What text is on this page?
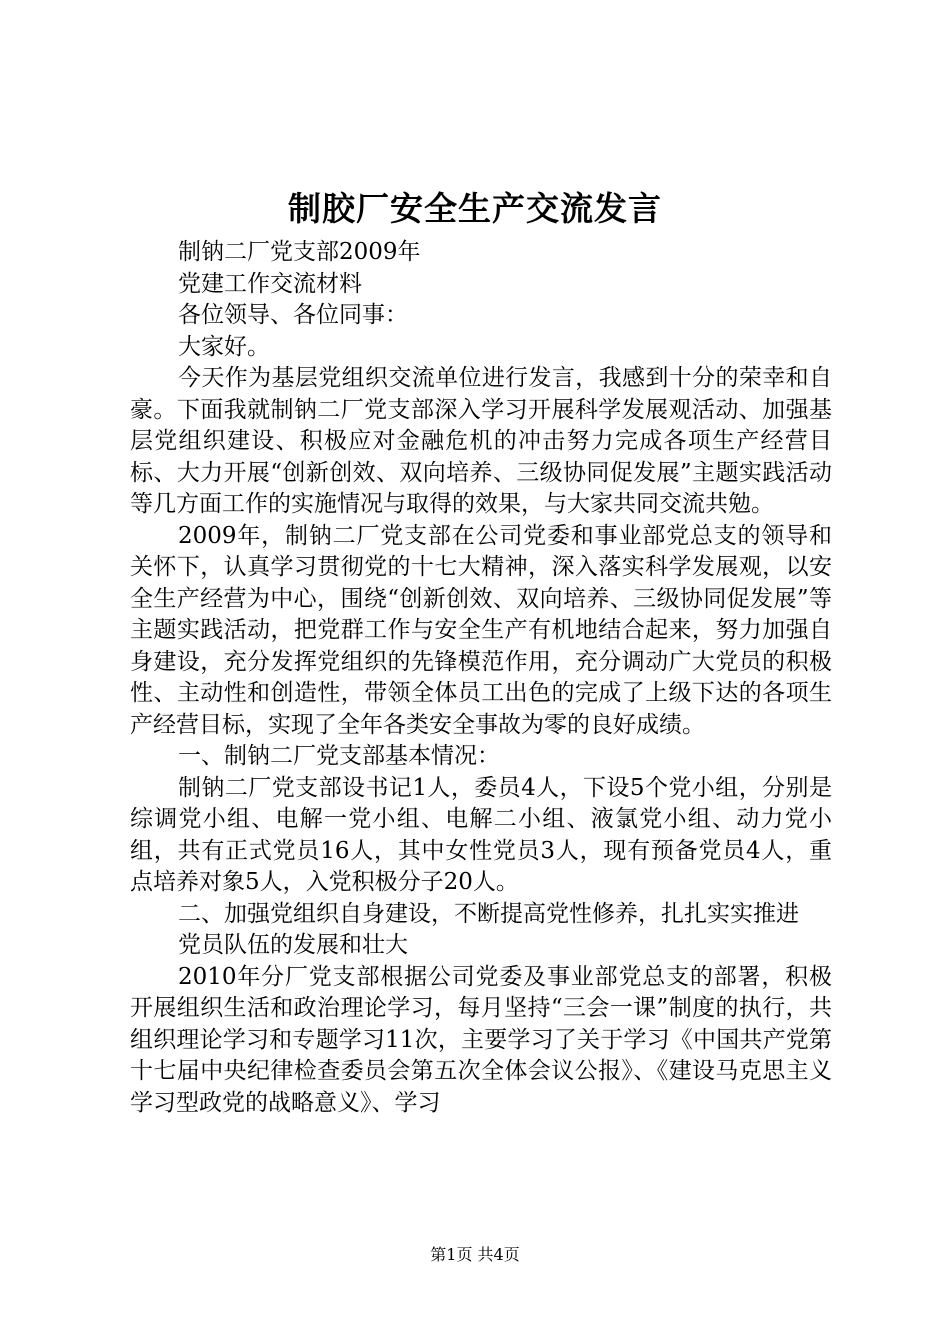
制胶厂安全生产交流发言

制钠二厂党支部2009年

党建工作交流材料

各位领导、各位同事：

大家好。

今天作为基层党组织交流单位进行发言，我感到十分的荣幸和自豪。下面我就制钠二厂党支部深入学习开展科学发展观活动、加强基层党组织建设、积极应对金融危机的冲击努力完成各项生产经营目标、大力开展“创新创效、双向培养、三级协同促发展”主题实践活动等几方面工作的实施情况与取得的效果，与大家共同交流共勉。

2009年，制钠二厂党支部在公司党委和事业部党总支的领导和关怀下，认真学习贯彻党的十七大精神，深入落实科学发展观，以安全生产经营为中心，围绕“创新创效、双向培养、三级协同促发展”等主题实践活动，把党群工作与安全生产有机地结合起来，努力加强自身建设，充分发挥党组织的先锋模范作用，充分调动广大党员的积极性、主动性和创造性，带领全体员工出色的完成了上级下达的各项生产经营目标，实现了全年各类安全事故为零的良好成绩。

一、制钠二厂党支部基本情况：

制钠二厂党支部设书记1人，委员4人，下设5个党小组，分别是综调党小组、电解一党小组、电解二小组、液氯党小组、动力党小组，共有正式党员16人，其中女性党员3人，现有预备党员4人，重点培养对象5人，入党积极分子20人。

二、加强党组织自身建设，不断提高党性修养，扎扎实实推进

党员队伍的发展和壮大

2010年分厂党支部根据公司党委及事业部党总支的部署，积极开展组织生活和政治理论学习，每月坚持“三会一课”制度的执行，共组织理论学习和专题学习11次，主要学习了关于学习《中国共产党第十七届中央纪律检查委员会第五次全体会议公报》、《建设马克思主义学习型政党的战略意义》、学习

第1页 共4页
